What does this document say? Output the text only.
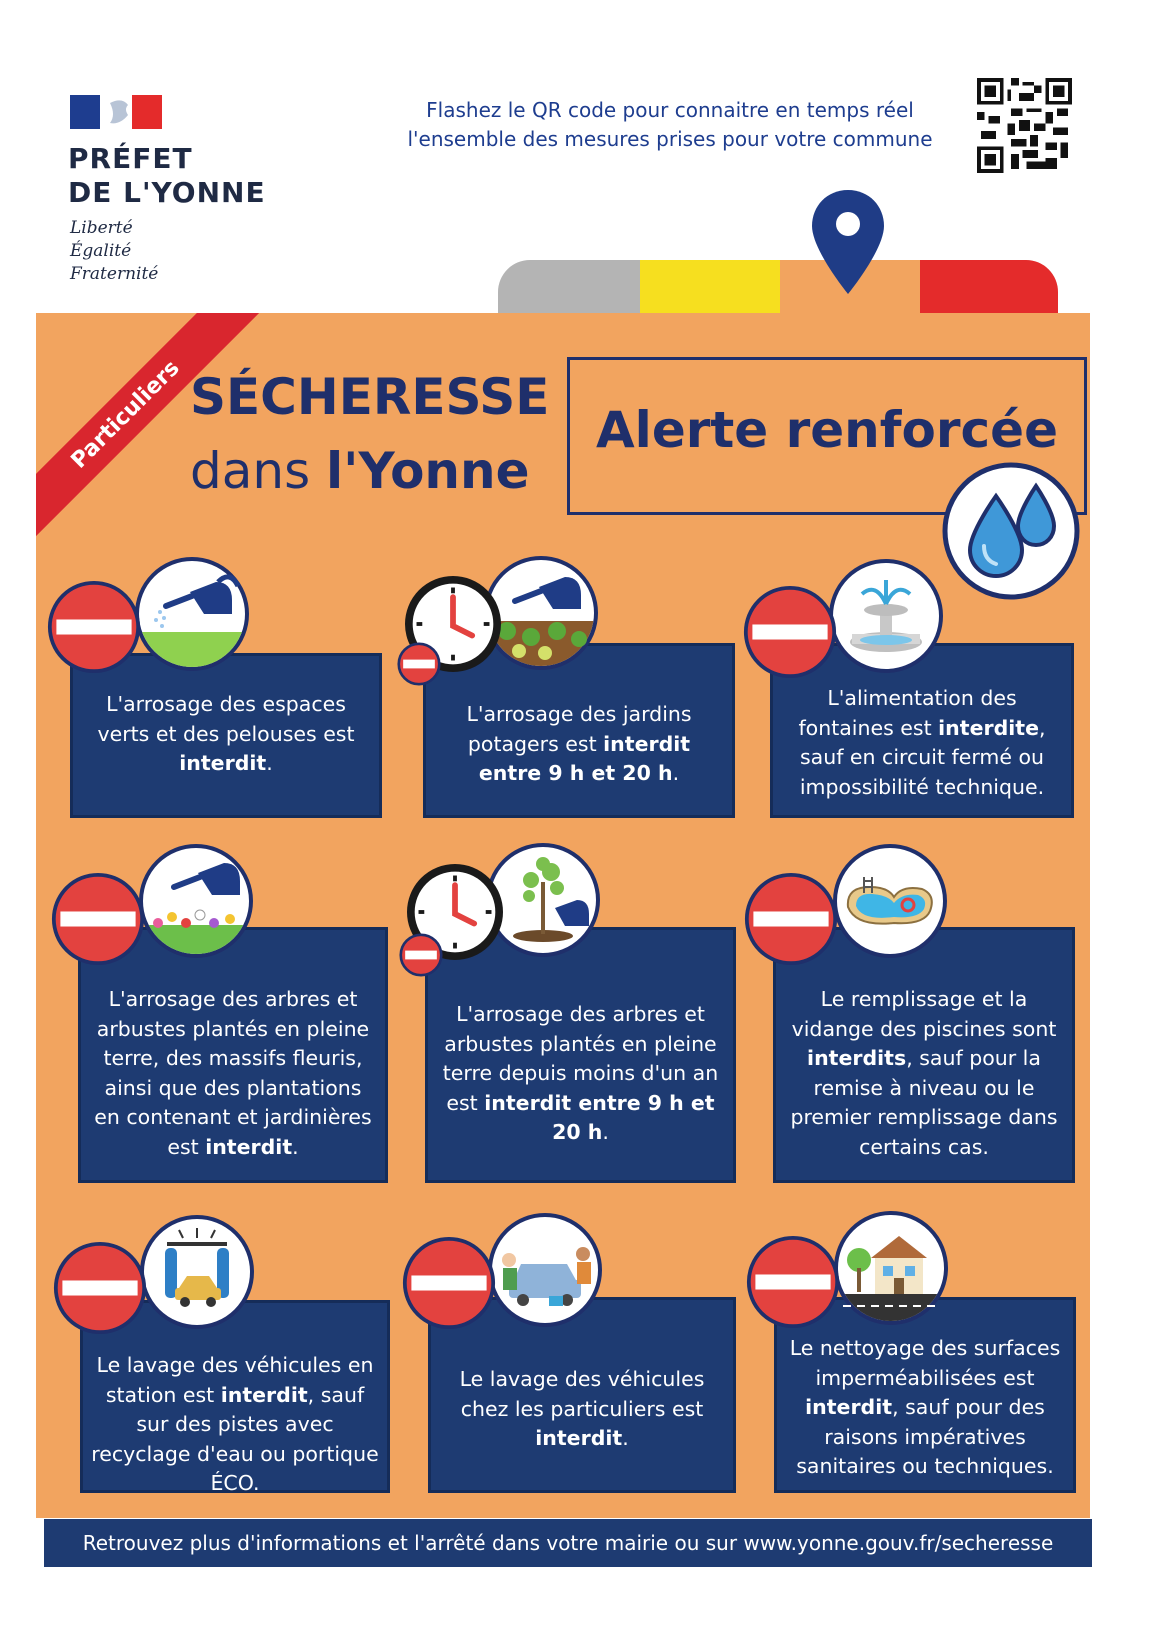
PRÉFET
DE L'YONNE
Liberté
Égalité
Fraternité
Flashez le QR code pour connaitre en temps réel
l'ensemble des mesures prises pour votre commune
Particuliers SÉCHERESSE
dans l'Yonne
Alerte renforcée
L'arrosage des espaces verts et des pelouses est interdit.
L'arrosage des jardins potagers est interdit entre 9 h et 20 h.
L'alimentation des fontaines est interdite, sauf en circuit fermé ou impossibilité technique.
L'arrosage des arbres et arbustes plantés en pleine terre, des massifs fleuris, ainsi que des plantations en contenant et jardinières est interdit.
L'arrosage des arbres et arbustes plantés en pleine terre depuis moins d'un an est interdit entre 9 h et 20 h.
Le remplissage et la vidange des piscines sont interdits, sauf pour la remise à niveau ou le premier remplissage dans certains cas.
Le lavage des véhicules en station est interdit, sauf sur des pistes avec recyclage d'eau ou portique ÉCO.
Le lavage des véhicules chez les particuliers est interdit.
Le nettoyage des surfaces imperméabilisées est interdit, sauf pour des raisons impératives sanitaires ou techniques.
Retrouvez plus d'informations et l'arrêté dans votre mairie ou sur www.yonne.gouv.fr/secheresse
